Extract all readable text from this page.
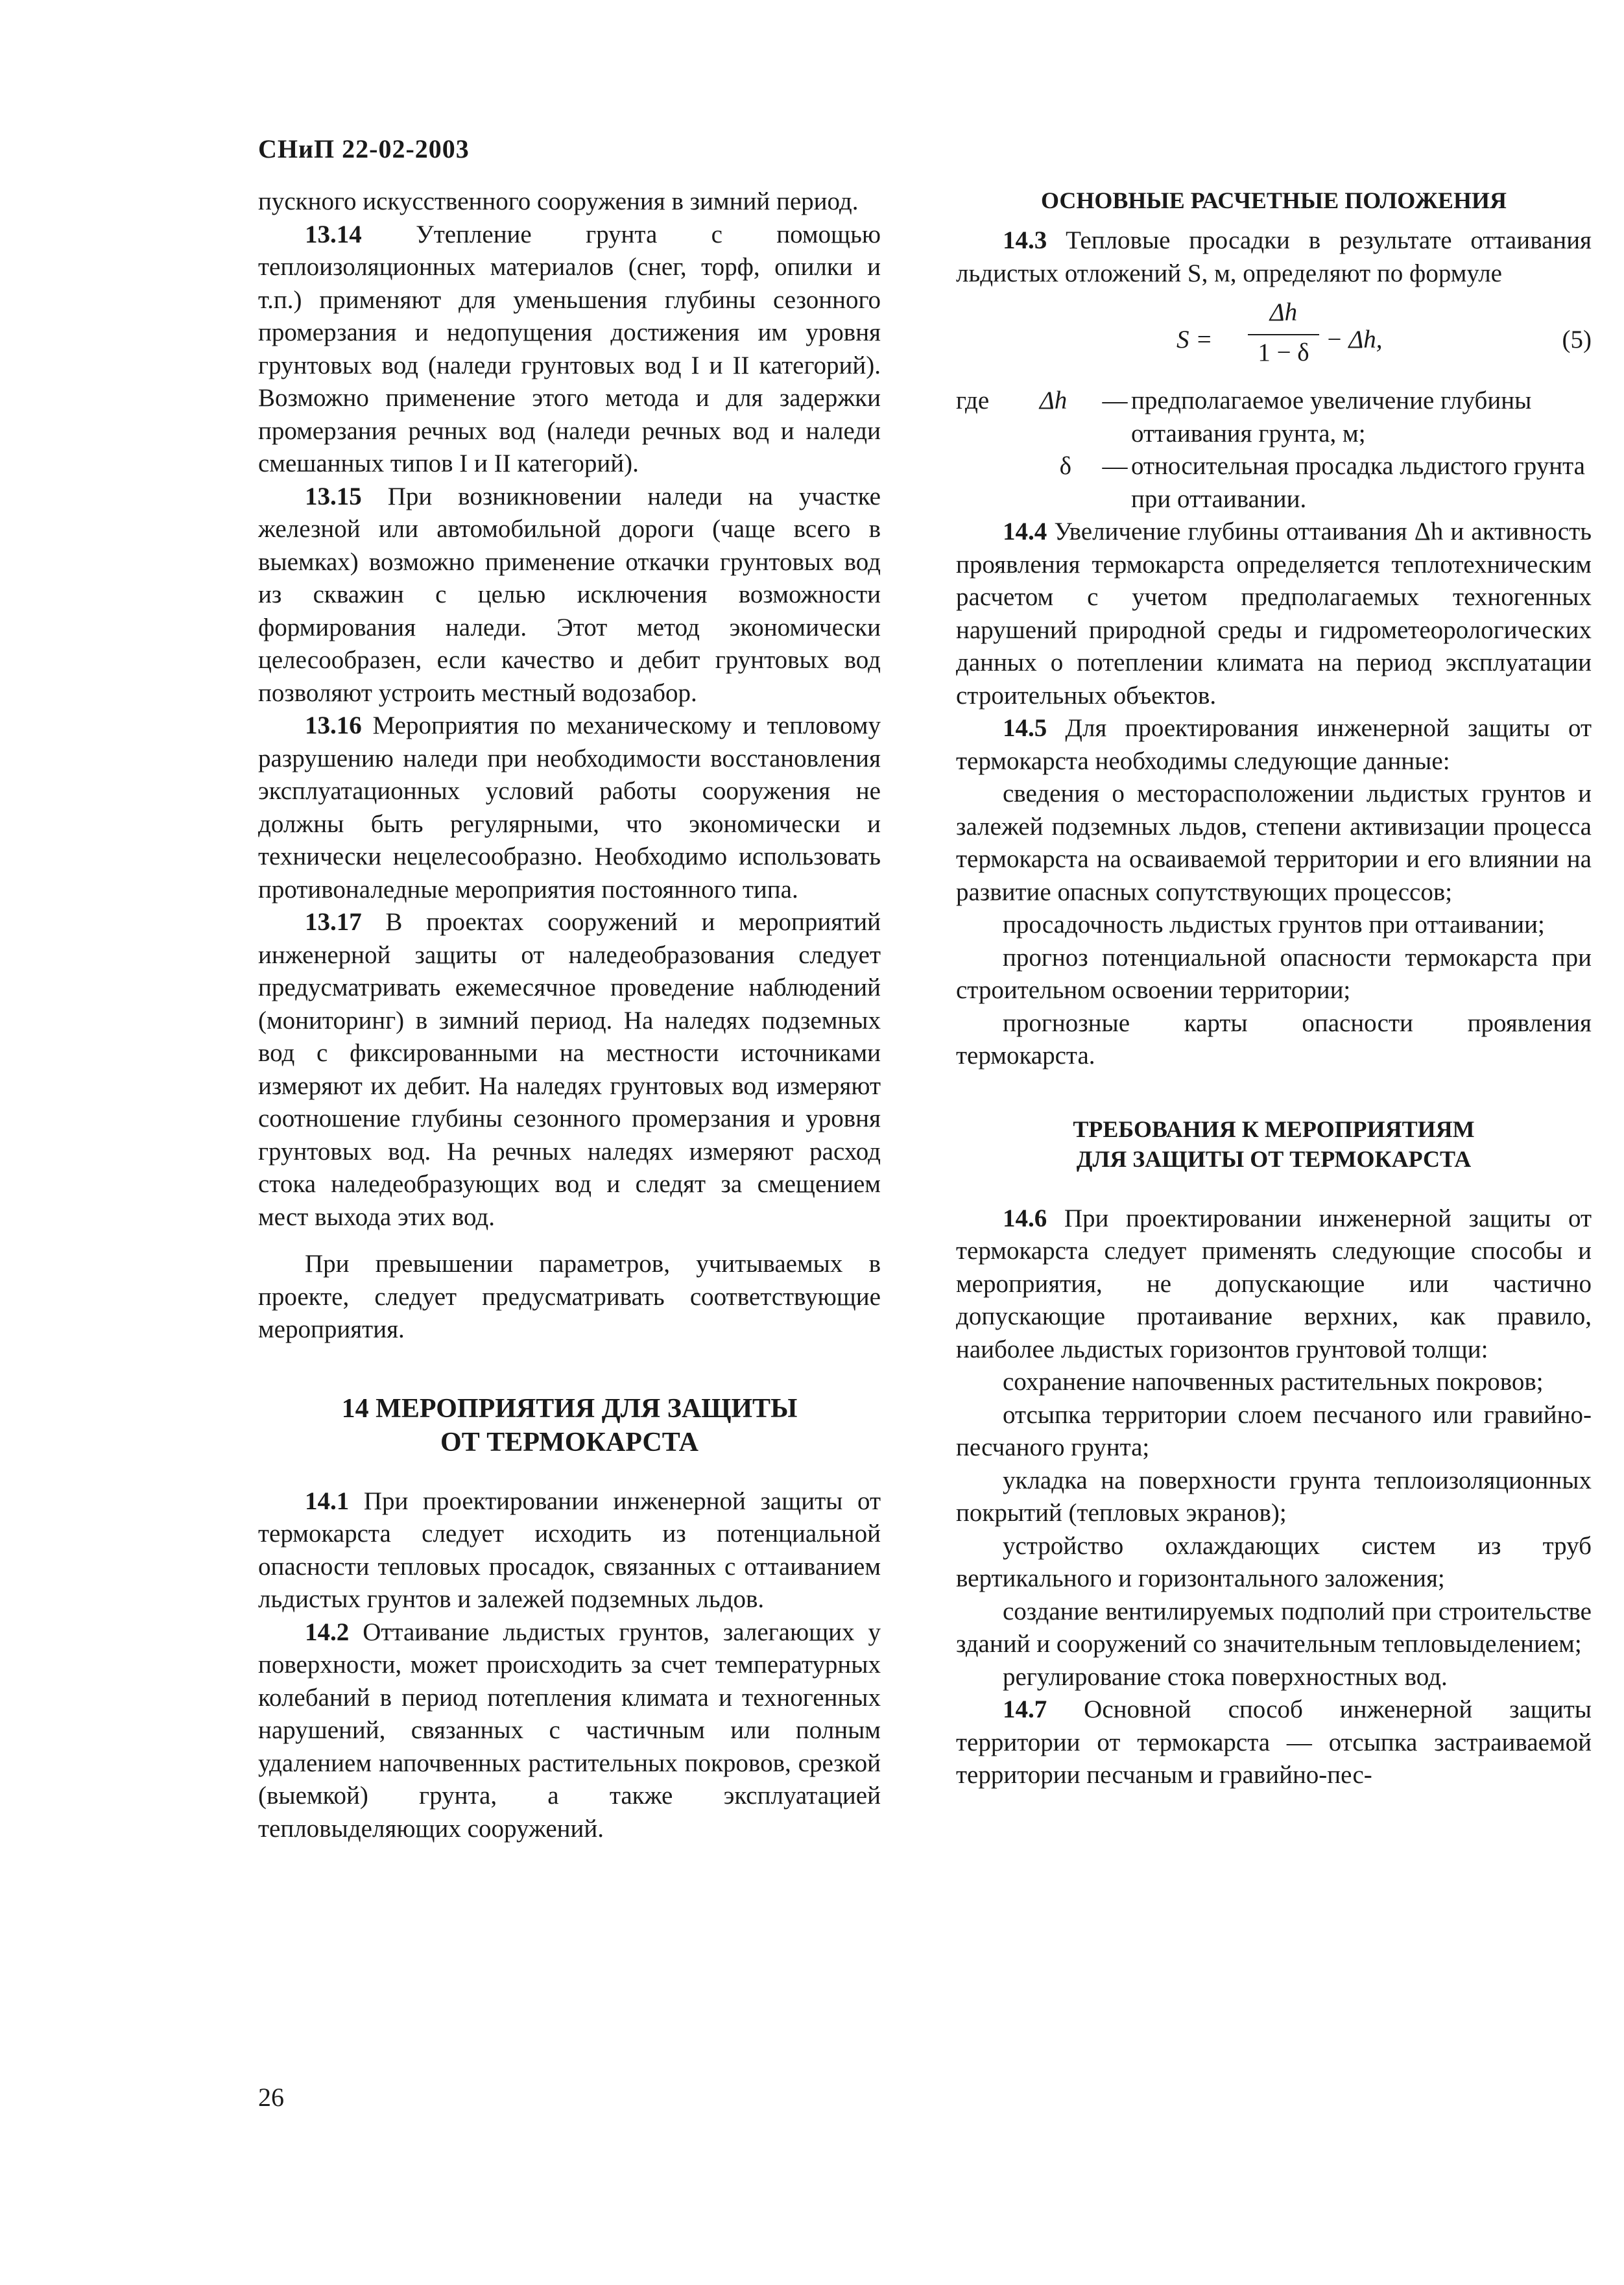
СНиП 22-02-2003

пускного искусственного сооружения в зимний период.

13.14 Утепление грунта с помощью теплоизоляционных материалов (снег, торф, опилки и т.п.) применяют для уменьшения глубины сезонного промерзания и недопущения достижения им уровня грунтовых вод (наледи грунтовых вод I и II категорий). Возможно применение этого метода и для задержки промерзания речных вод (наледи речных вод и наледи смешанных типов I и II категорий).

13.15 При возникновении наледи на участке железной или автомобильной дороги (чаще всего в выемках) возможно применение откачки грунтовых вод из скважин с целью исключения возможности формирования наледи. Этот метод экономически целесообразен, если качество и дебит грунтовых вод позволяют устроить местный водозабор.

13.16 Мероприятия по механическому и тепловому разрушению наледи при необходимости восстановления эксплуатационных условий работы сооружения не должны быть регулярными, что экономически и технически нецелесообразно. Необходимо использовать противоналедные мероприятия постоянного типа.

13.17 В проектах сооружений и мероприятий инженерной защиты от наледеобразования следует предусматривать ежемесячное проведение наблюдений (мониторинг) в зимний период. На наледях подземных вод с фиксированными на местности источниками измеряют их дебит. На наледях грунтовых вод измеряют соотношение глубины сезонного промерзания и уровня грунтовых вод. На речных наледях измеряют расход стока наледеобразующих вод и следят за смещением мест выхода этих вод.

При превышении параметров, учитываемых в проекте, следует предусматривать соответствующие мероприятия.

14 МЕРОПРИЯТИЯ ДЛЯ ЗАЩИТЫ
ОТ ТЕРМОКАРСТА

14.1 При проектировании инженерной защиты от термокарста следует исходить из потенциальной опасности тепловых просадок, связанных с оттаиванием льдистых грунтов и залежей подземных льдов.

14.2 Оттаивание льдистых грунтов, залегающих у поверхности, может происходить за счет температурных колебаний в период потепления климата и техногенных нарушений, связанных с частичным или полным удалением напочвенных растительных покровов, срезкой (выемкой) грунта, а также эксплуатацией тепловыделяющих сооружений.

ОСНОВНЫЕ РАСЧЕТНЫЕ ПОЛОЖЕНИЯ

14.3 Тепловые просадки в результате оттаивания льдистых отложений S, м, определяют по формуле

S =
Δh
1 − δ − Δh,	(5)
где Δh	— предполагаемое увеличение глубины оттаивания грунта, м;
δ	— относительная просадка льдистого грунта при оттаивании.

14.4 Увеличение глубины оттаивания Δh и активность проявления термокарста определяется теплотехническим расчетом с учетом предполагаемых техногенных нарушений природной среды и гидрометеорологических данных о потеплении климата на период эксплуатации строительных объектов.

14.5 Для проектирования инженерной защиты от термокарста необходимы следующие данные:

сведения о месторасположении льдистых грунтов и залежей подземных льдов, степени активизации процесса термокарста на осваиваемой территории и его влиянии на развитие опасных сопутствующих процессов;

просадочность льдистых грунтов при оттаивании;

прогноз потенциальной опасности термокарста при строительном освоении территории;

прогнозные карты опасности проявления термокарста.

ТРЕБОВАНИЯ К МЕРОПРИЯТИЯМ
ДЛЯ ЗАЩИТЫ ОТ ТЕРМОКАРСТА

14.6 При проектировании инженерной защиты от термокарста следует применять следующие способы и мероприятия, не допускающие или частично допускающие протаивание верхних, как правило, наиболее льдистых горизонтов грунтовой толщи:

сохранение напочвенных растительных покровов;

отсыпка территории слоем песчаного или гравийно-песчаного грунта;

укладка на поверхности грунта теплоизоляционных покрытий (тепловых экранов);

устройство охлаждающих систем из труб вертикального и горизонтального заложения;

создание вентилируемых подполий при строительстве зданий и сооружений со значительным тепловыделением;

регулирование стока поверхностных вод.

14.7 Основной способ инженерной защиты территории от термокарста — отсыпка застраиваемой территории песчаным и гравийно-пес-

26
